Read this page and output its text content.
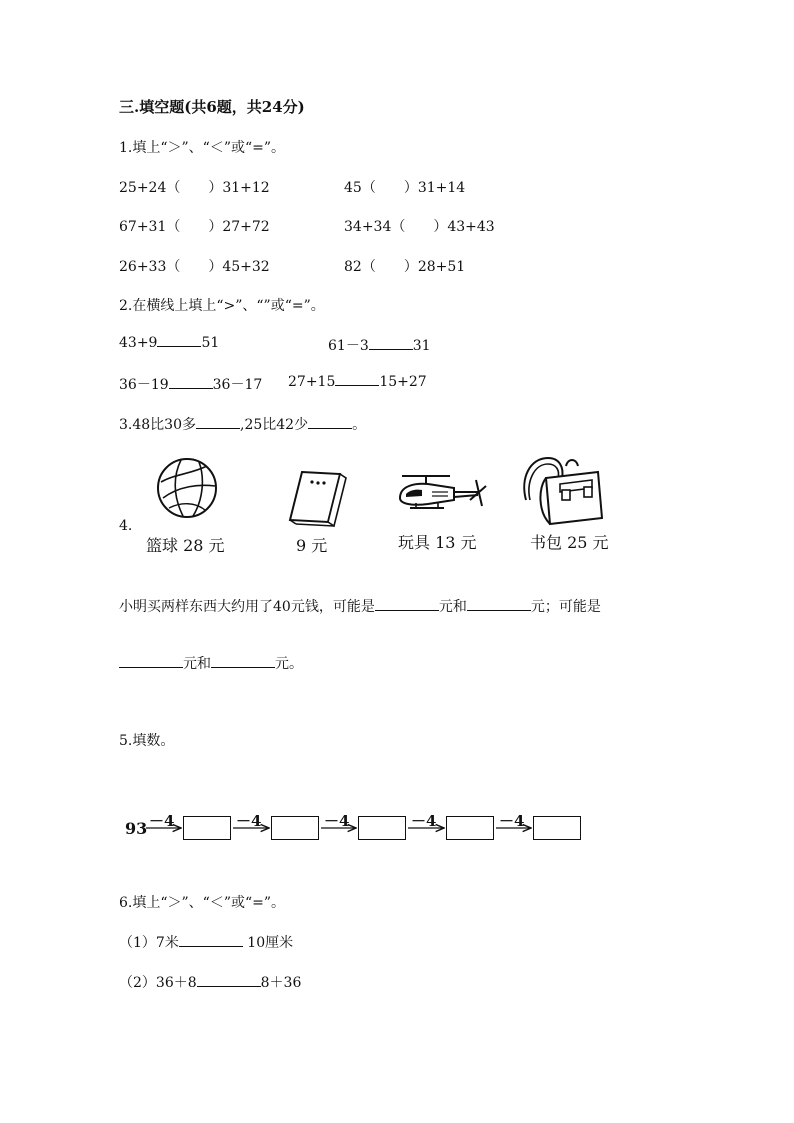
三.填空题(共6题，共24分)
1.填上“＞”、“＜”或“=”。
25+24（　　）31+12	45（　　）31+14
67+31（　　）27+72	34+34（　　）43+43
26+33（　　）45+32	82（　　）28+51
2.在横线上填上“>”、“”或“=”。
43+9	51	61－3	31
36－19	36－17 27+15	15+27
3.48比30多	,25比42少	。
4.
篮球 28 元	9 元	玩具 13 元	书包 25 元
小明买两样东西大约用了40元钱，可能是	元和	元；可能是
元和	元。
5.填数。
93 －4	－4	－4	－4	－4
6.填上“＞”、“＜”或“=”。
（1）7米	10厘米
（2）36＋8	8＋36
